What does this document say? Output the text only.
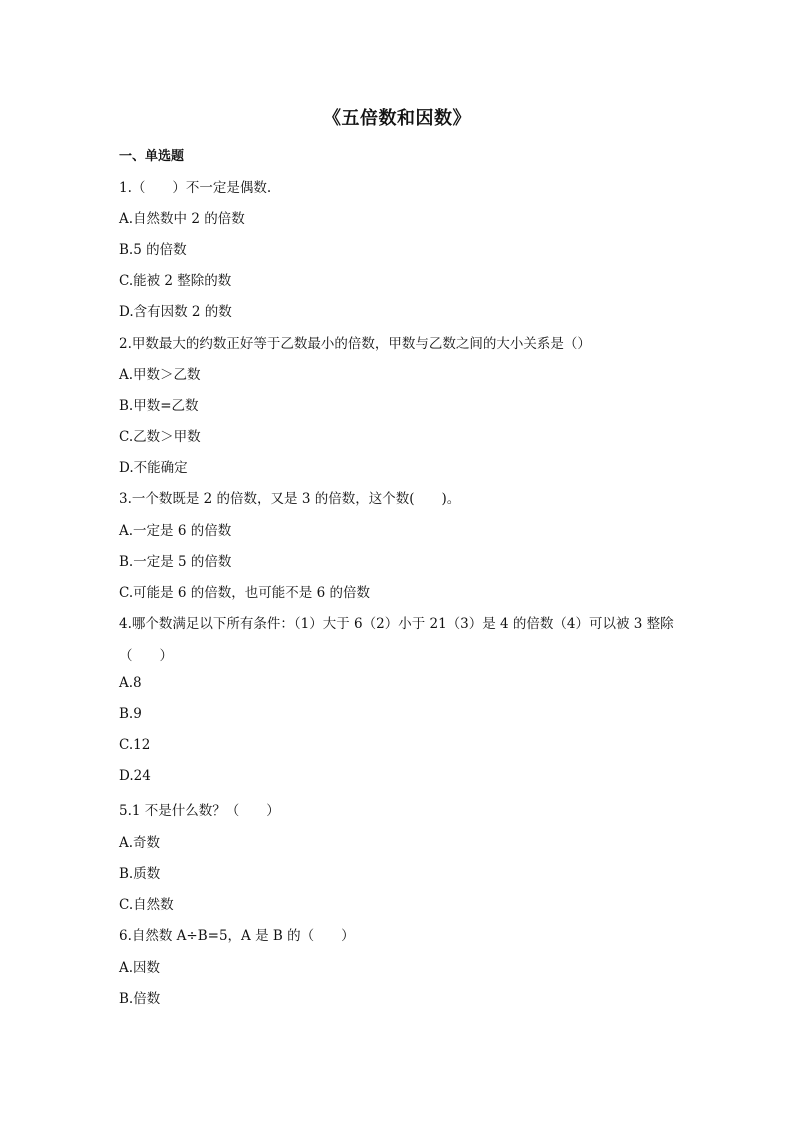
《五倍数和因数》
一、单选题
1.（　　）不一定是偶数.
A.自然数中 2 的倍数
B.5 的倍数
C.能被 2 整除的数
D.含有因数 2 的数
2.甲数最大的约数正好等于乙数最小的倍数，甲数与乙数之间的大小关系是（）
A.甲数＞乙数
B.甲数=乙数
C.乙数＞甲数
D.不能确定
3.一个数既是 2 的倍数，又是 3 的倍数，这个数(　　)。
A.一定是 6 的倍数
B.一定是 5 的倍数
C.可能是 6 的倍数，也可能不是 6 的倍数
4.哪个数满足以下所有条件：（1）大于 6（2）小于 21（3）是 4 的倍数（4）可以被 3 整除
（　　）
A.8
B.9
C.12
D.24
5.1 不是什么数？（　　）
A.奇数
B.质数
C.自然数
6.自然数 A÷B=5，A 是 B 的（　　）
A.因数
B.倍数
